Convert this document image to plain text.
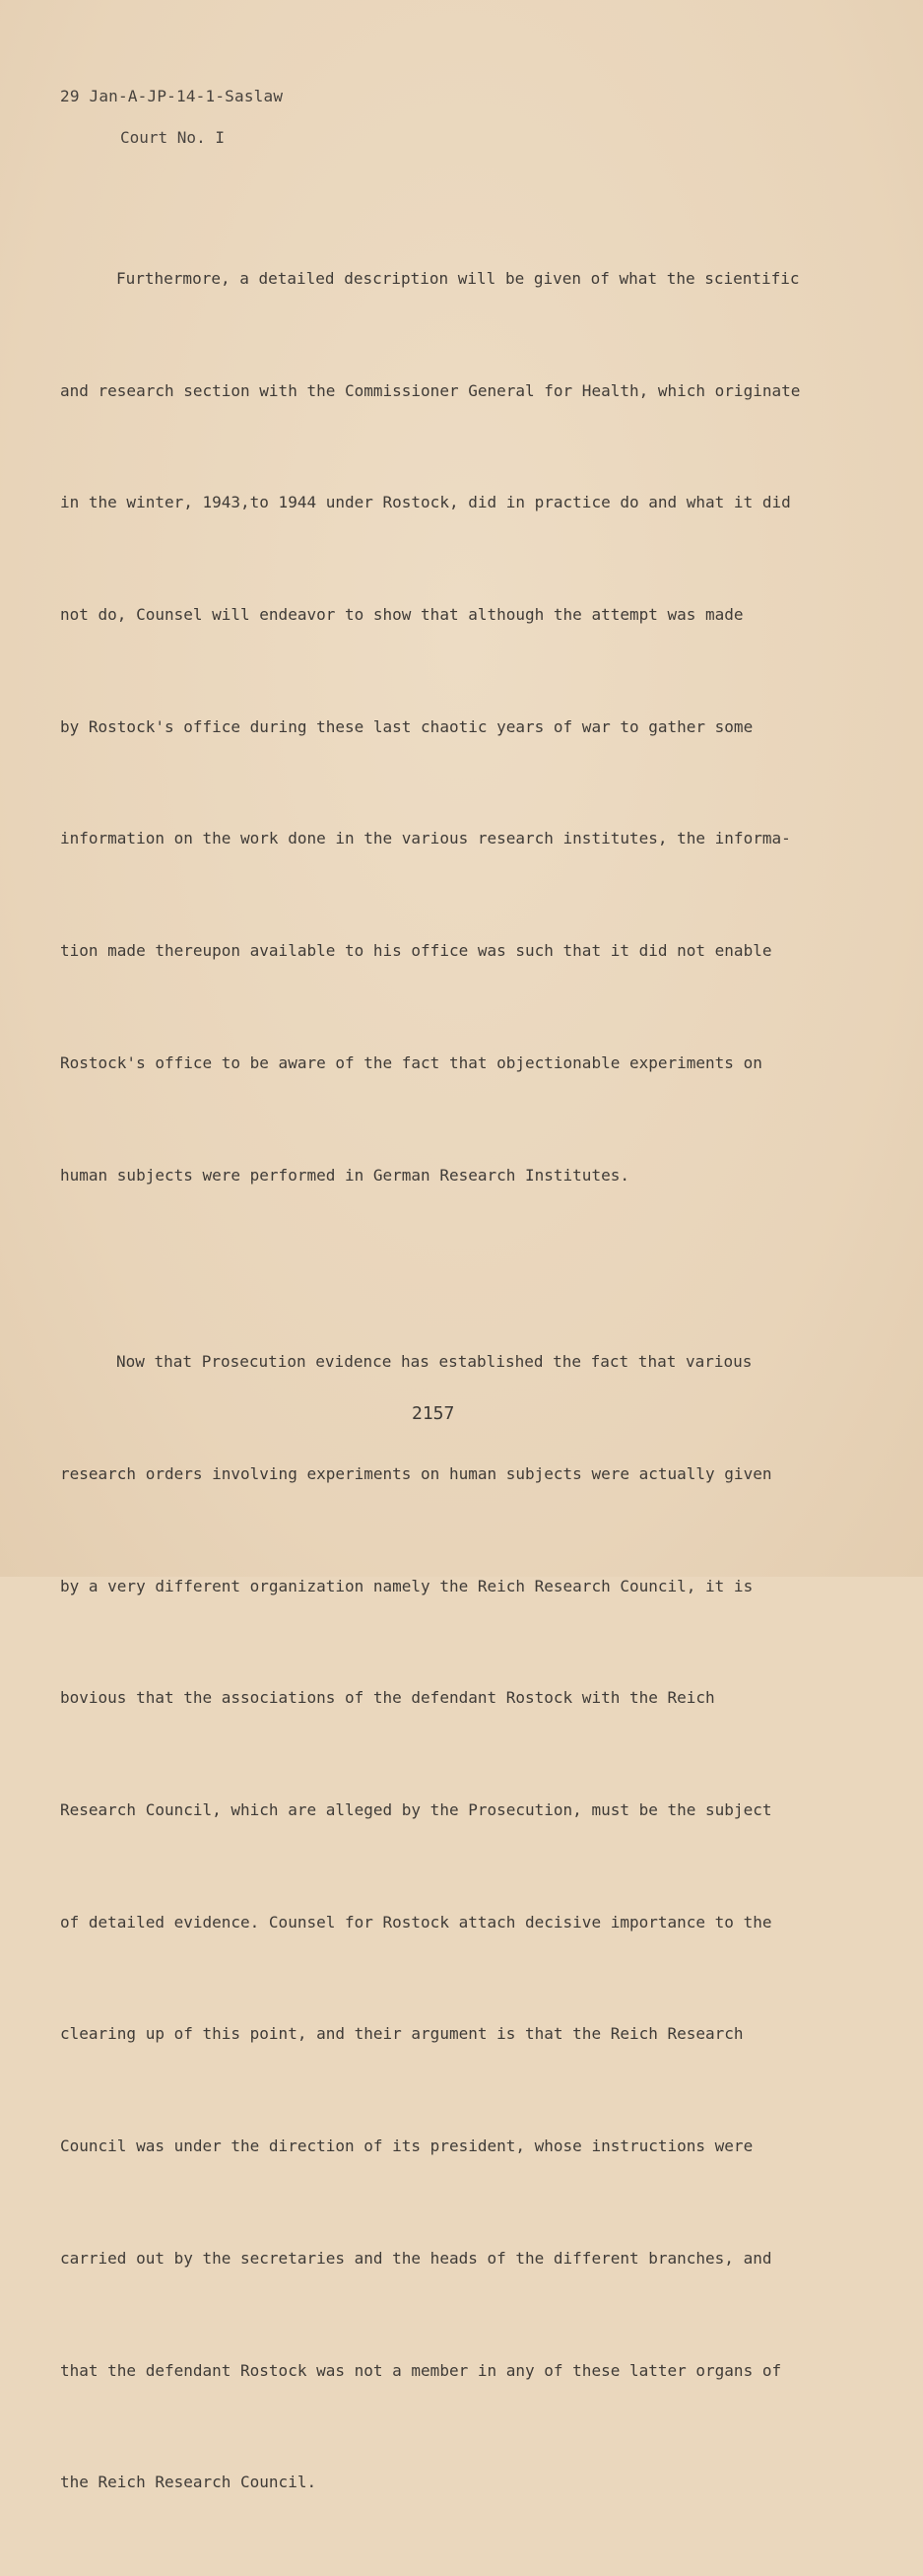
29 Jan-A-JP-14-1-Saslaw
Court No. I

Furthermore, a detailed description will be given of what the scientific

and research section with the Commissioner General for Health, which originate

in the winter, 1943,to 1944 under Rostock, did in practice do and what it did

not do, Counsel will endeavor to show that although the attempt was made

by Rostock's office during these last chaotic years of war to gather some

information on the work done in the various research institutes, the informa-

tion made thereupon available to his office was such that it did not enable

Rostock's office to be aware of the fact that objectionable experiments on

human subjects were performed in German Research Institutes.

Now that Prosecution evidence has established the fact that various

research orders involving experiments on human subjects were actually given

by a very different organization namely the Reich Research Council, it is

bovious that the associations of the defendant Rostock with the Reich

Research Council, which are alleged by the Prosecution, must be the subject

of detailed evidence. Counsel for Rostock attach decisive importance to the

clearing up of this point, and their argument is that the Reich Research

Council was under the direction of its president, whose instructions were

carried out by the secretaries and the heads of the different branches, and

that the defendant Rostock was not a member in any of these latter organs of

the Reich Research Council.

2157
